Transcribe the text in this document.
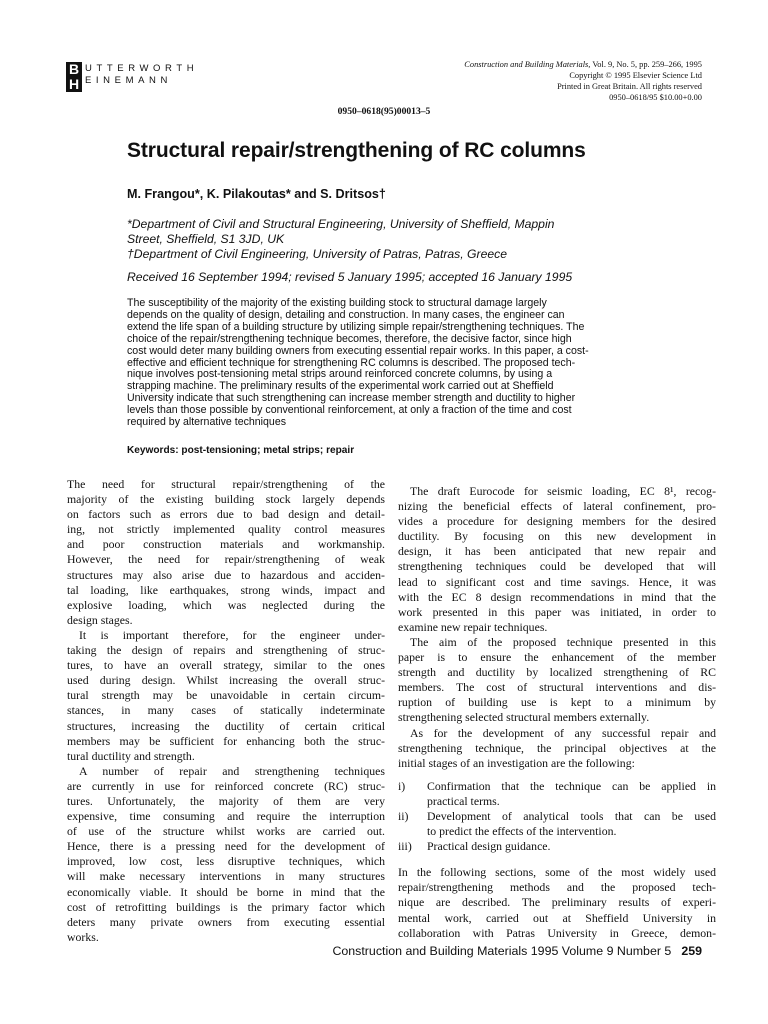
B
H
UTTERWORTH
EINEMANN
Construction and Building Materials, Vol. 9, No. 5, pp. 259–266, 1995
Copyright © 1995 Elsevier Science Ltd
Printed in Great Britain. All rights reserved
0950–0618/95 $10.00+0.00
0950–0618(95)00013–5
Structural repair/strengthening of RC columns
M. Frangou*, K. Pilakoutas* and S. Dritsos†
*Department of Civil and Structural Engineering, University of Sheffield, Mappin
Street, Sheffield, S1 3JD, UK
†Department of Civil Engineering, University of Patras, Patras, Greece
Received 16 September 1994; revised 5 January 1995; accepted 16 January 1995
The susceptibility of the majority of the existing building stock to structural damage largely
depends on the quality of design, detailing and construction. In many cases, the engineer can
extend the life span of a building structure by utilizing simple repair/strengthening techniques. The
choice of the repair/strengthening technique becomes, therefore, the decisive factor, since high
cost would deter many building owners from executing essential repair works. In this paper, a cost-
effective and efficient technique for strengthening RC columns is described. The proposed tech-
nique involves post-tensioning metal strips around reinforced concrete columns, by using a
strapping machine. The preliminary results of the experimental work carried out at Sheffield
University indicate that such strengthening can increase member strength and ductility to higher
levels than those possible by conventional reinforcement, at only a fraction of the time and cost
required by alternative techniques
Keywords: post-tensioning; metal strips; repair
The need for structural repair/strengthening of the
majority of the existing building stock largely depends
on factors such as errors due to bad design and detail-
ing, not strictly implemented quality control measures
and poor construction materials and workmanship.
However, the need for repair/strengthening of weak
structures may also arise due to hazardous and acciden-
tal loading, like earthquakes, strong winds, impact and
explosive loading, which was neglected during the
design stages.
It is important therefore, for the engineer under-
taking the design of repairs and strengthening of struc-
tures, to have an overall strategy, similar to the ones
used during design. Whilst increasing the overall struc-
tural strength may be unavoidable in certain circum-
stances, in many cases of statically indeterminate
structures, increasing the ductility of certain critical
members may be sufficient for enhancing both the struc-
tural ductility and strength.
A number of repair and strengthening techniques
are currently in use for reinforced concrete (RC) struc-
tures. Unfortunately, the majority of them are very
expensive, time consuming and require the interruption
of use of the structure whilst works are carried out.
Hence, there is a pressing need for the development of
improved, low cost, less disruptive techniques, which
will make necessary interventions in many structures
economically viable. It should be borne in mind that the
cost of retrofitting buildings is the primary factor which
deters many private owners from executing essential
works.
The draft Eurocode for seismic loading, EC 8¹, recog-
nizing the beneficial effects of lateral confinement, pro-
vides a procedure for designing members for the desired
ductility. By focusing on this new development in
design, it has been anticipated that new repair and
strengthening techniques could be developed that will
lead to significant cost and time savings. Hence, it was
with the EC 8 design recommendations in mind that the
work presented in this paper was initiated, in order to
examine new repair techniques.
The aim of the proposed technique presented in this
paper is to ensure the enhancement of the member
strength and ductility by localized strengthening of RC
members. The cost of structural interventions and dis-
ruption of building use is kept to a minimum by
strengthening selected structural members externally.
As for the development of any successful repair and
strengthening technique, the principal objectives at the
initial stages of an investigation are the following:
i) Confirmation that the technique can be applied in
practical terms.
ii) Development of analytical tools that can be used
to predict the effects of the intervention.
iii) Practical design guidance.
In the following sections, some of the most widely used
repair/strengthening methods and the proposed tech-
nique are described. The preliminary results of experi-
mental work, carried out at Sheffield University in
collaboration with Patras University in Greece, demon-
Construction and Building Materials 1995 Volume 9 Number 5 259
